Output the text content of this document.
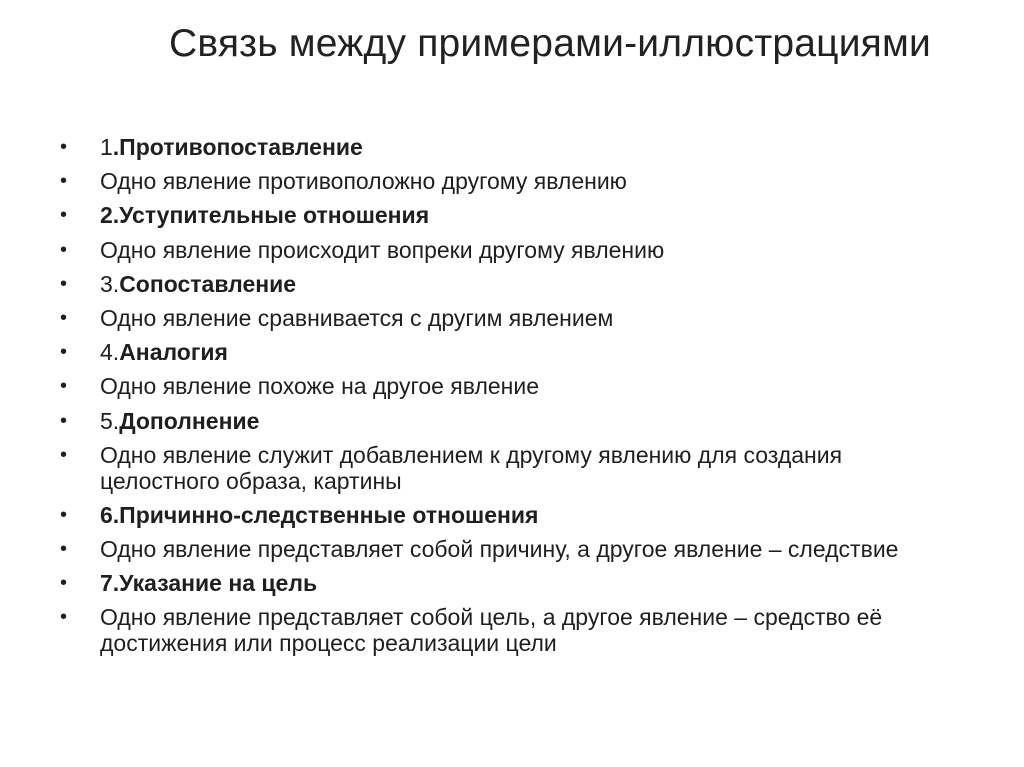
Связь между примерами-иллюстрациями
•	1.Противопоставление
•	Одно явление противоположно другому явлению
•	2.Уступительные отношения
•	Одно явление происходит вопреки другому явлению
•	3.Сопоставление
•	Одно явление сравнивается с другим явлением
•	4.Аналогия
•	Одно явление похоже на другое явление
•	5.Дополнение
•	Одно явление служит добавлением к другому явлению для создания целостного образа, картины
•	6.Причинно-следственные отношения
•	Одно явление представляет собой причину, а другое явление – следствие
•	7.Указание на цель
•	Одно явление представляет собой цель, а другое явление – средство её достижения или процесс реализации цели
